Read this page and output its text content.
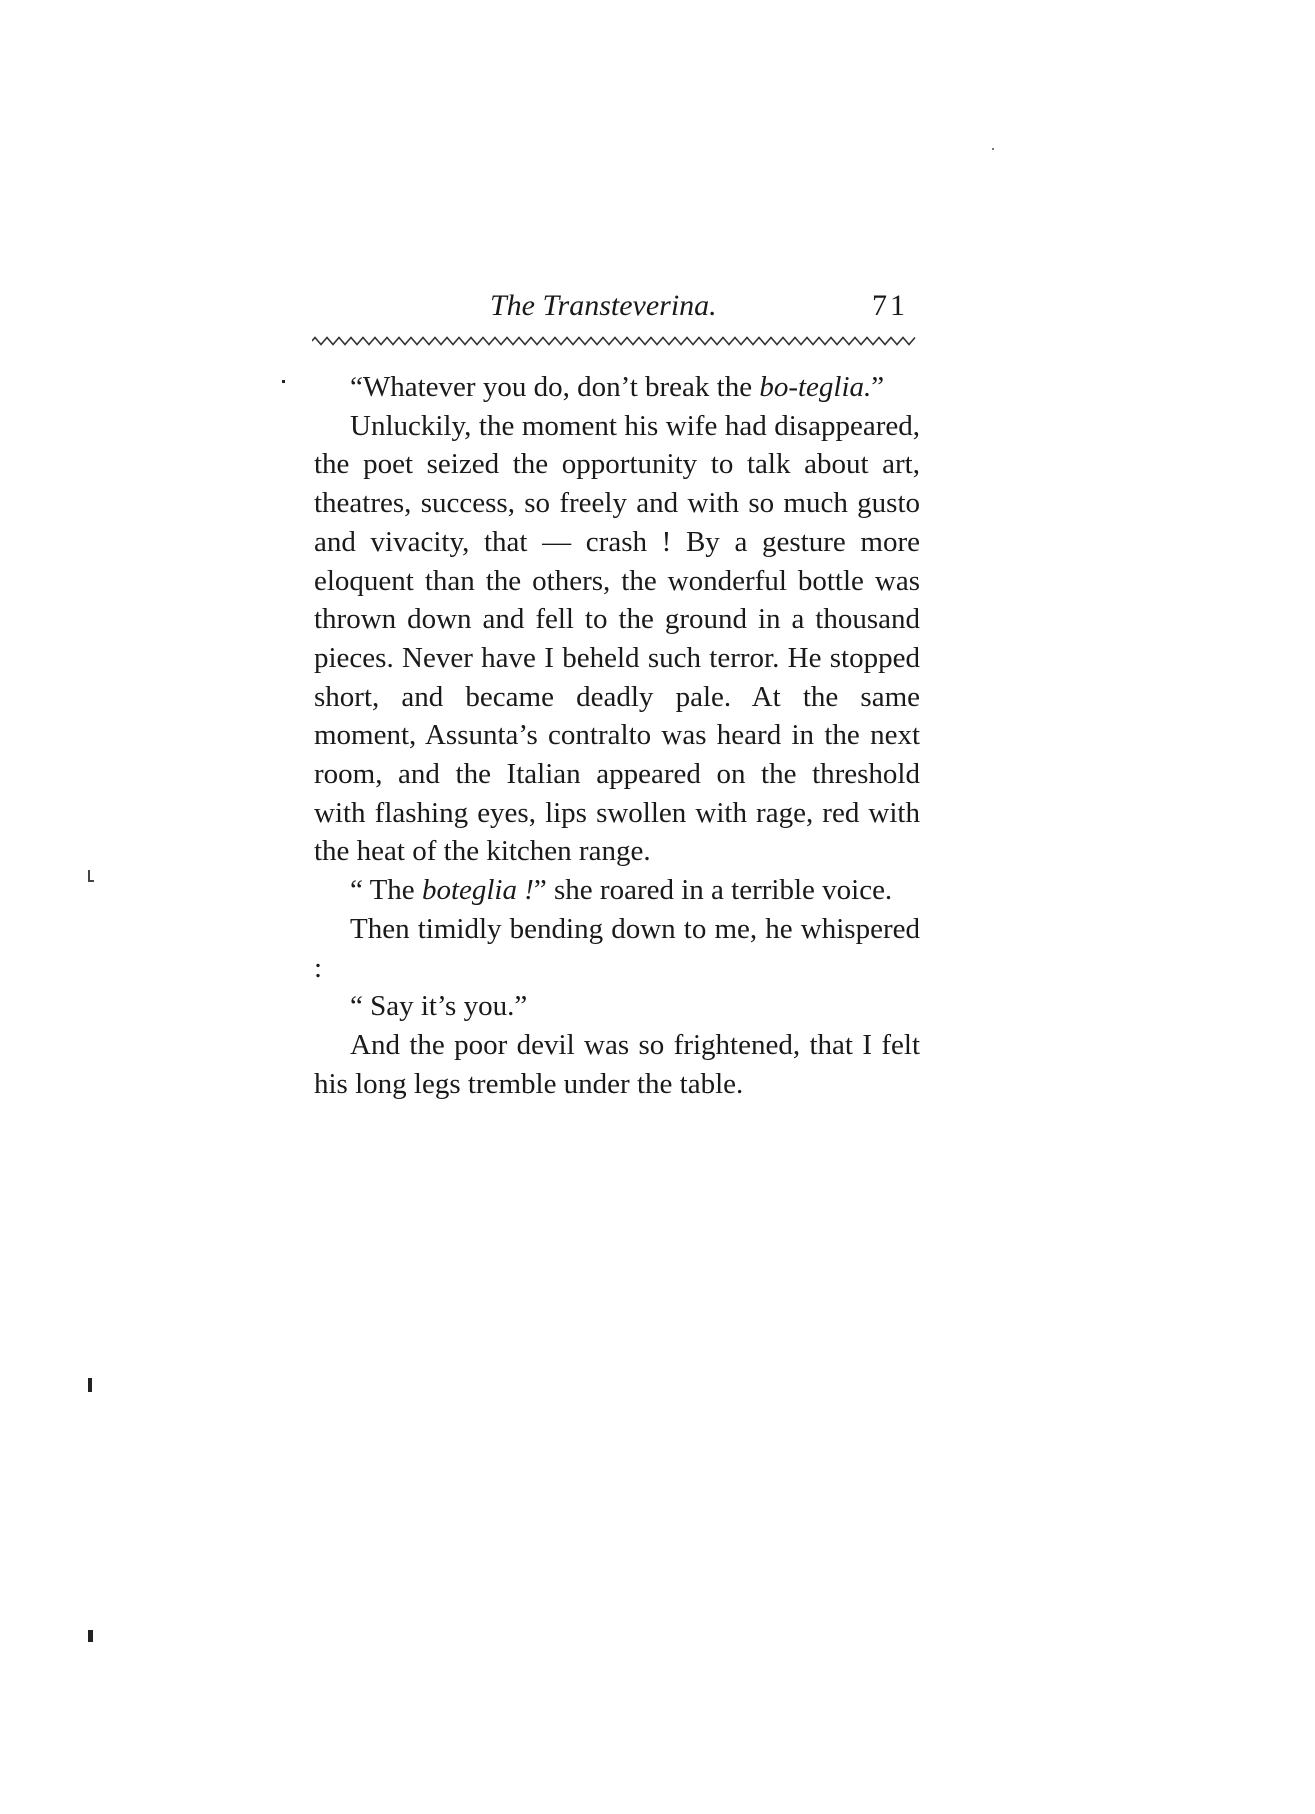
The Transteverina.	71

“Whatever you do, don’t break the bo-teglia.”

Unluckily, the moment his wife had disappeared, the poet seized the opportunity to talk about art, theatres, success, so freely and with so much gusto and vivacity, that — crash ! By a gesture more eloquent than the others, the wonderful bottle was thrown down and fell to the ground in a thousand pieces. Never have I beheld such terror. He stopped short, and became deadly pale. At the same moment, Assunta’s contralto was heard in the next room, and the Italian appeared on the threshold with flashing eyes, lips swollen with rage, red with the heat of the kitchen range.

“ The boteglia !” she roared in a terrible voice.

Then timidly bending down to me, he whispered :

“ Say it’s you.”

And the poor devil was so frightened, that I felt his long legs tremble under the table.
